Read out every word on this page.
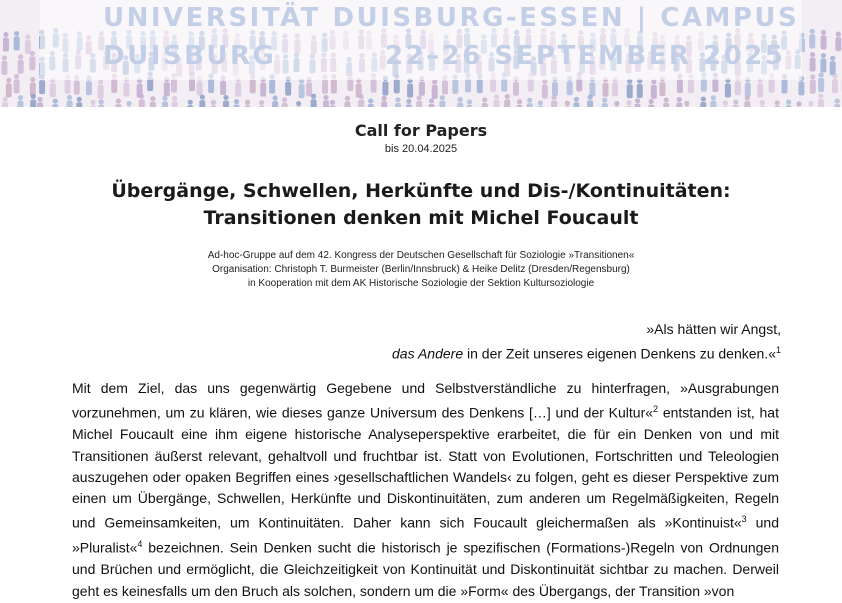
UNIVERSITÄT DUISBURG-ESSEN | CAMPUS

DUISBURG

	22–26 SEPTEMBER 2025

Call for Papers
bis 20.04.2025
Übergänge, Schwellen, Herkünfte und Dis-/Kontinuitäten:
Transitionen denken mit Michel Foucault
Ad-hoc-Gruppe auf dem 42. Kongress der Deutschen Gesellschaft für Soziologie »Transitionen«
Organisation: Christoph T. Burmeister (Berlin/Innsbruck) & Heike Delitz (Dresden/Regensburg)
in Kooperation mit dem AK Historische Soziologie der Sektion Kultursoziologie
»Als hätten wir Angst,
das Andere in der Zeit unseres eigenen Denkens zu denken.«$^1$
Mit dem Ziel, das uns gegenwärtig Gegebene und Selbstverständliche zu hinterfragen, »Ausgrabungen vorzunehmen, um zu klären, wie dieses ganze Universum des Denkens […] und der Kultur«$^2$ entstanden ist, hat Michel Foucault eine ihm eigene historische Analyseperspektive erarbeitet, die für ein Denken von und mit Transitionen äußerst relevant, gehaltvoll und fruchtbar ist. Statt von Evolutionen, Fortschritten und Teleologien auszugehen oder opaken Begriffen eines ›gesellschaftlichen Wandels‹ zu folgen, geht es dieser Perspektive zum einen um Übergänge, Schwellen, Herkünfte und Diskontinuitäten, zum anderen um Regelmäßigkeiten, Regeln und Gemeinsamkeiten, um Kontinuitäten. Daher kann sich Foucault gleichermaßen als »Kontinuist«$^3$ und »Pluralist«$^4$ bezeichnen. Sein Denken sucht die historisch je spezifischen (Formations-)Regeln von Ordnungen und Brüchen und ermöglicht, die Gleichzeitigkeit von Kontinuität und Diskontinuität sichtbar zu machen. Derweil geht es keinesfalls um den Bruch als solchen, sondern um die »Form« des Übergangs, der Transition »von
